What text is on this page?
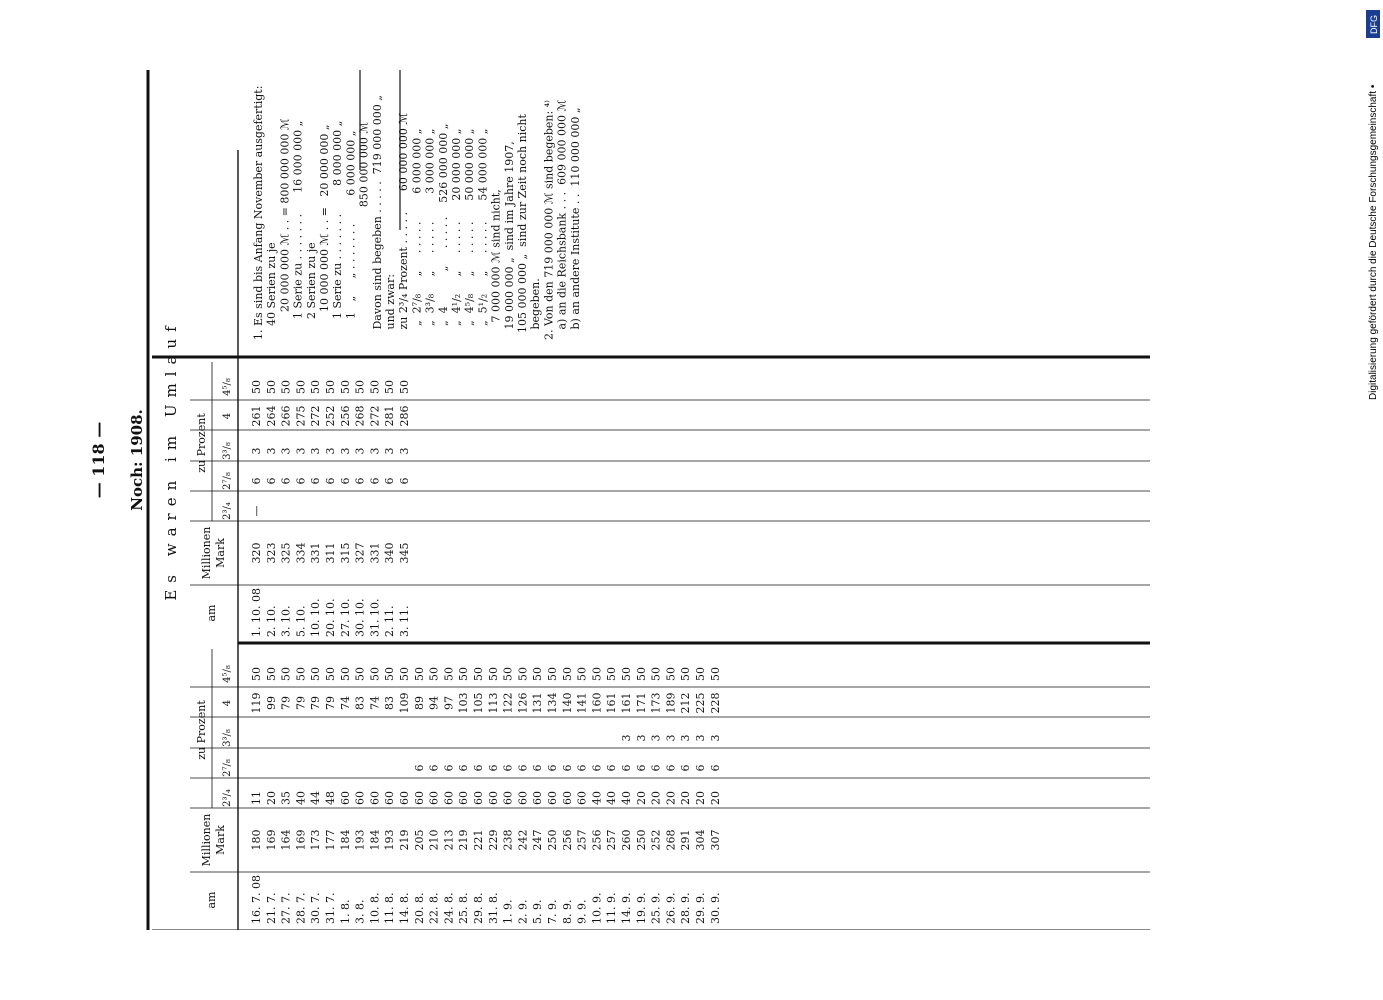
— 118 — Noch: 1908. Es waren im Umlauf
am
Millionen Mark
zu Prozent
2³/₄
2⁷/₈
3³/₈
4
4⁵/₈
16. 7. 08
180
11
119
50
21. 7.
169
20
99
50
27. 7.
164
35
79
50
28. 7.
169
40
79
50
30. 7.
173
44
79
50
31. 7.
177
48
79
50
1. 8.
184
60
74
50
3. 8.
193
60
83
50
10. 8.
184
60
74
50
11. 8.
193
60
83
50
14. 8.
219
60
109
50
20. 8.
205
60
6
89
50
22. 8.
210
60
6
94
50
24. 8.
213
60
6
97
50
25. 8.
219
60
6
103
50
29. 8.
221
60
6
105
50
31. 8.
229
60
6
113
50
1. 9.
238
60
6
122
50
2. 9.
242
60
6
126
50
5. 9.
247
60
6
131
50
7. 9.
250
60
6
134
50
8. 9.
256
60
6
140
50
9. 9.
257
60
6
141
50
10. 9.
256
40
6
160
50
11. 9.
257
40
6
161
50
14. 9.
260
40
6
3
161
50
19. 9.
250
20
6
3
171
50
25. 9.
252
20
6
3
173
50
26. 9.
268
20
6
3
189
50
28. 9.
291
20
6
3
212
50
29. 9.
304
20
6
3
225
50
30. 9.
307
20
6
3
228
50
am
Millionen Mark
zu Prozent
2³/₄
2⁷/₈
3³/₈
4
4⁵/₈
1. 10. 08
320
—
6
3
261
50
2. 10.
323
6
3
264
50
3. 10.
325
6
3
266
50
5. 10.
334
6
3
275
50
10. 10.
331
6
3
272
50
20. 10.
311
6
3
252
50
27. 10.
315
6
3
256
50
30. 10.
327
6
3
268
50
31. 10.
331
6
3
272
50
2. 11.
340
6
3
281
50
3. 11.
345
6
3
286
50
1. Es sind bis Anfang November ausgefertigt: 40 Serien zu je 20 000 000 ℳ . . = 800 000 000 ℳ 1 Serie zu . . . . . . .      16 000 000 „ 2 Serien zu je 10 000 000 ℳ . . =   20 000 000 „ 1 Serie zu . . . . . . .        8 000 000 „ 1   „     „ . . . . . . .        6 000 000 „ 850 000 000 ℳ Davon sind begeben . . . . .  719 000 000 „ und zwar: zu 2³/₄ Prozent . . . . .      60 000 000 ℳ „  2⁷/₈     „     . . . . .        6 000 000 „ „  3³/₈     „     . . . . .        3 000 000 „ „  4          „     . . . . .    526 000 000 „ „  4¹/₂     „     . . . . .      20 000 000 „ „  4⁵/₈     „     . . . . .      50 000 000 „ „  5¹/₂     „     . . . . .      54 000 000 „ 7 000 000 ℳ sind nicht, 19 000 000 „  sind im Jahre 1907, 105 000 000 „  sind zur Zeit noch nicht begeben. 2. Von den 719 000 000 ℳ sind begeben: ⁴⁾ a) an die Reichsbank . . .  609 000 000 ℳ b) an andere Institute . .  110 000 000 „	Digitalisierung gefördert durch die Deutsche Forschungsgemeinschaft •
DFG
